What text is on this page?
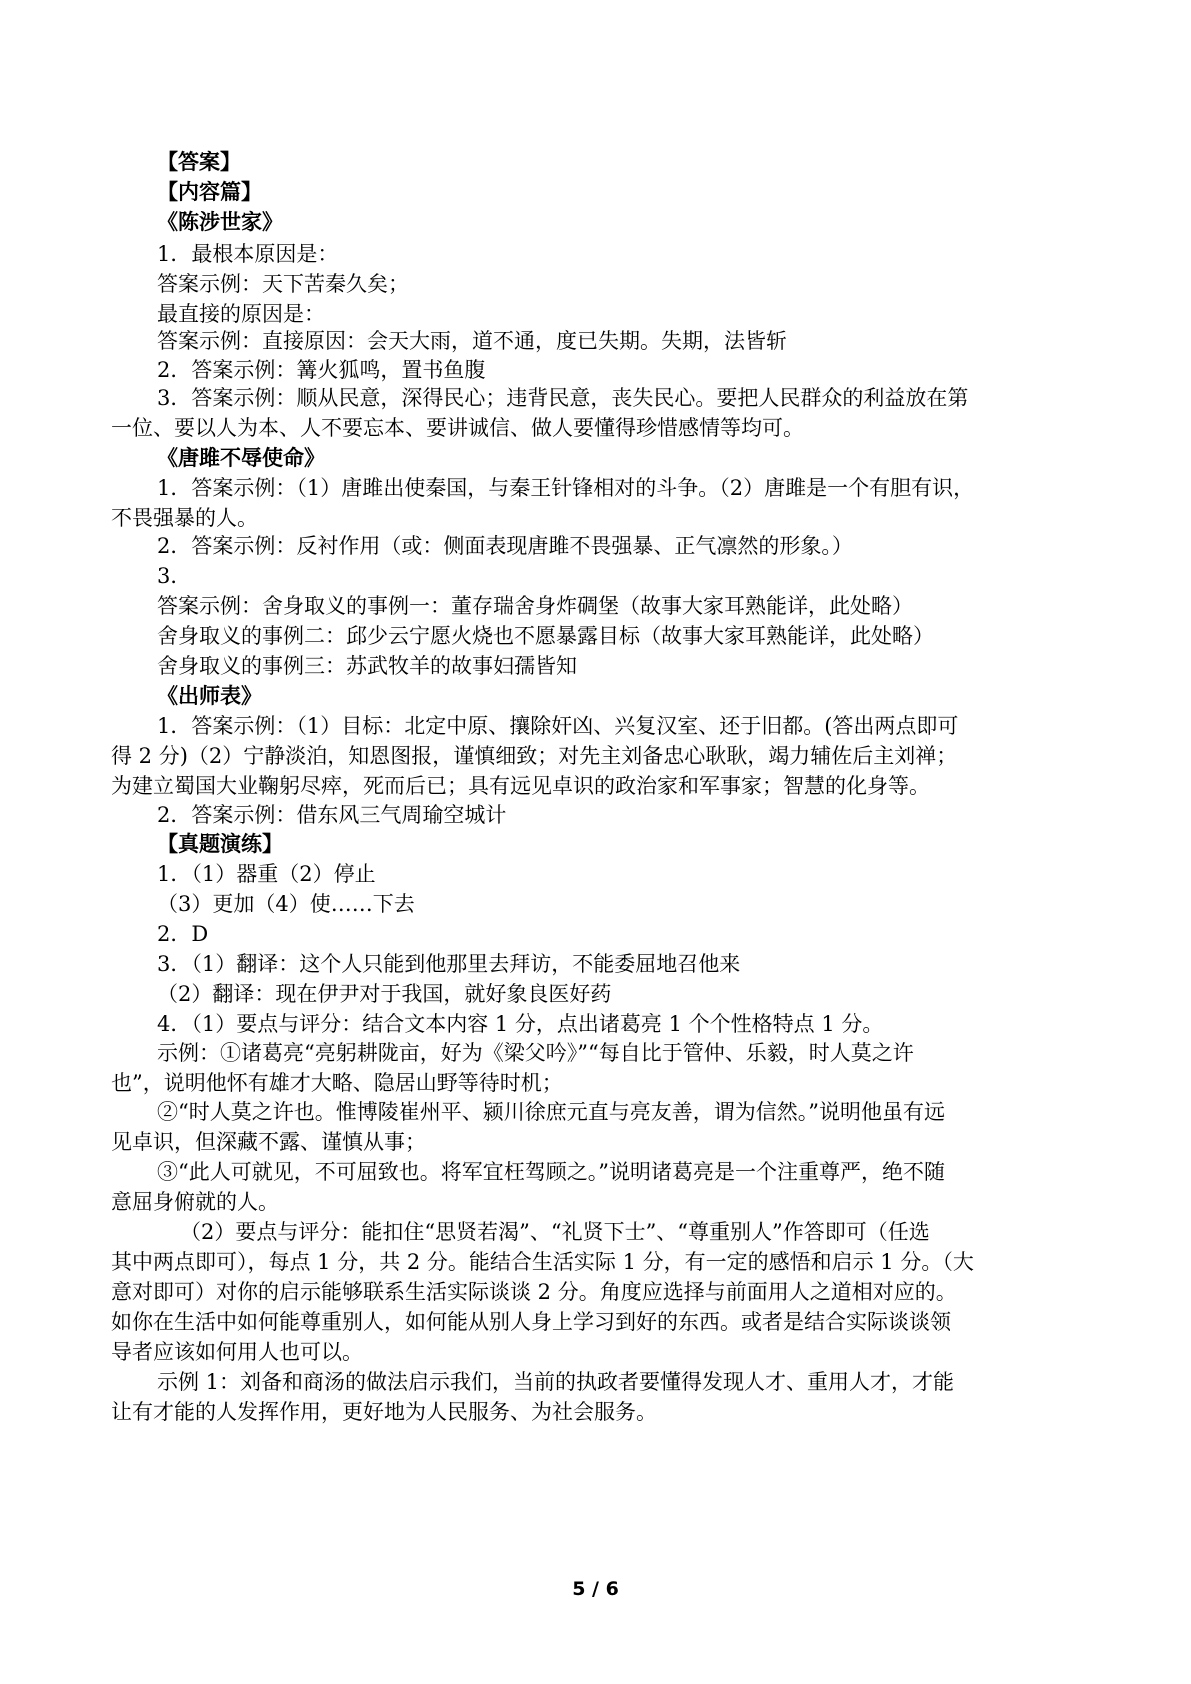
【答案】
【内容篇】
《陈涉世家》
1．最根本原因是：
答案示例：天下苦秦久矣；
最直接的原因是：
答案示例：直接原因：会天大雨，道不通，度已失期。失期，法皆斩
2．答案示例：篝火狐鸣，置书鱼腹
3．答案示例：顺从民意，深得民心；违背民意，丧失民心。要把人民群众的利益放在第
一位、要以人为本、人不要忘本、要讲诚信、做人要懂得珍惜感情等均可。
《唐雎不辱使命》
1．答案示例：（1）唐雎出使秦国，与秦王针锋相对的斗争。（2）唐雎是一个有胆有识，
不畏强暴的人。
2．答案示例：反衬作用（或：侧面表现唐雎不畏强暴、正气凛然的形象。）
3．
答案示例：舍身取义的事例一：董存瑞舍身炸碉堡（故事大家耳熟能详，此处略）
舍身取义的事例二：邱少云宁愿火烧也不愿暴露目标（故事大家耳熟能详，此处略）
舍身取义的事例三：苏武牧羊的故事妇孺皆知
《出师表》
1．答案示例：（1）目标：北定中原、攘除奸凶、兴复汉室、还于旧都。(答出两点即可
得 2 分)（2）宁静淡泊，知恩图报，谨慎细致；对先主刘备忠心耿耿，竭力辅佐后主刘禅；
为建立蜀国大业鞠躬尽瘁，死而后已；具有远见卓识的政治家和军事家；智慧的化身等。
2．答案示例：借东风三气周瑜空城计
【真题演练】
1．（1）器重（2）停止
（3）更加（4）使……下去
2．D
3．（1）翻译：这个人只能到他那里去拜访，不能委屈地召他来
（2）翻译：现在伊尹对于我国，就好象良医好药
4．（1）要点与评分：结合文本内容 1 分，点出诸葛亮 1 个个性格特点 1 分。
示例：①诸葛亮“亮躬耕陇亩，好为《梁父吟》”“每自比于管仲、乐毅，时人莫之许
也”，说明他怀有雄才大略、隐居山野等待时机；
②“时人莫之许也。惟博陵崔州平、颍川徐庶元直与亮友善，谓为信然。”说明他虽有远
见卓识，但深藏不露、谨慎从事；
③“此人可就见，不可屈致也。将军宜枉驾顾之。”说明诸葛亮是一个注重尊严，绝不随
意屈身俯就的人。
（2）要点与评分：能扣住“思贤若渴”、“礼贤下士”、“尊重别人”作答即可（任选
其中两点即可），每点 1 分，共 2 分。能结合生活实际 1 分，有一定的感悟和启示 1 分。（大
意对即可）对你的启示能够联系生活实际谈谈 2 分。角度应选择与前面用人之道相对应的。
如你在生活中如何能尊重别人，如何能从别人身上学习到好的东西。或者是结合实际谈谈领
导者应该如何用人也可以。
示例 1：刘备和商汤的做法启示我们，当前的执政者要懂得发现人才、重用人才，才能
让有才能的人发挥作用，更好地为人民服务、为社会服务。
5 / 6
